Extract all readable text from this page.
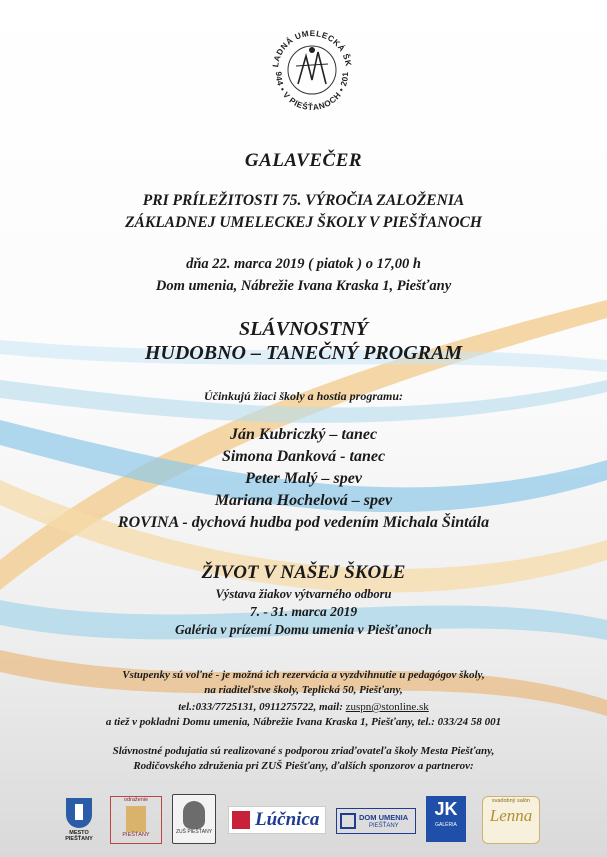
LADNÁ UMELECKÁ ŠK
944 • V PIEŠŤANOCH • 201
GALAVEČER
PRI PRÍLEŽITOSTI 75. VÝROČIA ZALOŽENIA
ZÁKLADNEJ UMELECKEJ ŠKOLY V PIEŠŤANOCH
dňa 22. marca 2019 ( piatok ) o 17,00 h
Dom umenia, Nábrežie Ivana Kraska 1, Piešťany
SLÁVNOSTNÝ
HUDOBNO – TANEČNÝ PROGRAM
Účinkujú žiaci školy a hostia programu:
Ján Kubriczký – tanec
Simona Danková - tanec
Peter Malý – spev
Mariana Hochelová – spev
ROVINA - dychová hudba pod vedením Michala Šintála
ŽIVOT V NAŠEJ ŠKOLE
Výstava žiakov výtvarného odboru
7. - 31. marca 2019
Galéria v prízemí Domu umenia v Piešťanoch
Vstupenky sú voľné - je možná ich rezervácia a vyzdvihnutie u pedagógov školy,
na riaditeľstve školy, Teplická 50, Piešťany,
tel.:033/7725131, 0911275722, mail: zuspn@stonline.sk
a tiež v pokladni Domu umenia, Nábrežie Ivana Kraska 1, Piešťany, tel.: 033/24 58 001
Slávnostné podujatia sú realizované s podporou zriaďovateľa školy Mesta Piešťany,
Rodičovského združenia pri ZUŠ Piešťany, ďalších sponzorov a partnerov:
MESTO PIEŠŤANY
odraženie
PIEŠŤANY	ZUŠ PIEŠŤANY
Lúčnica	DOM UMENIA
PIEŠŤANY
JK
GALÉRIA
svadobný salón
Lenna
